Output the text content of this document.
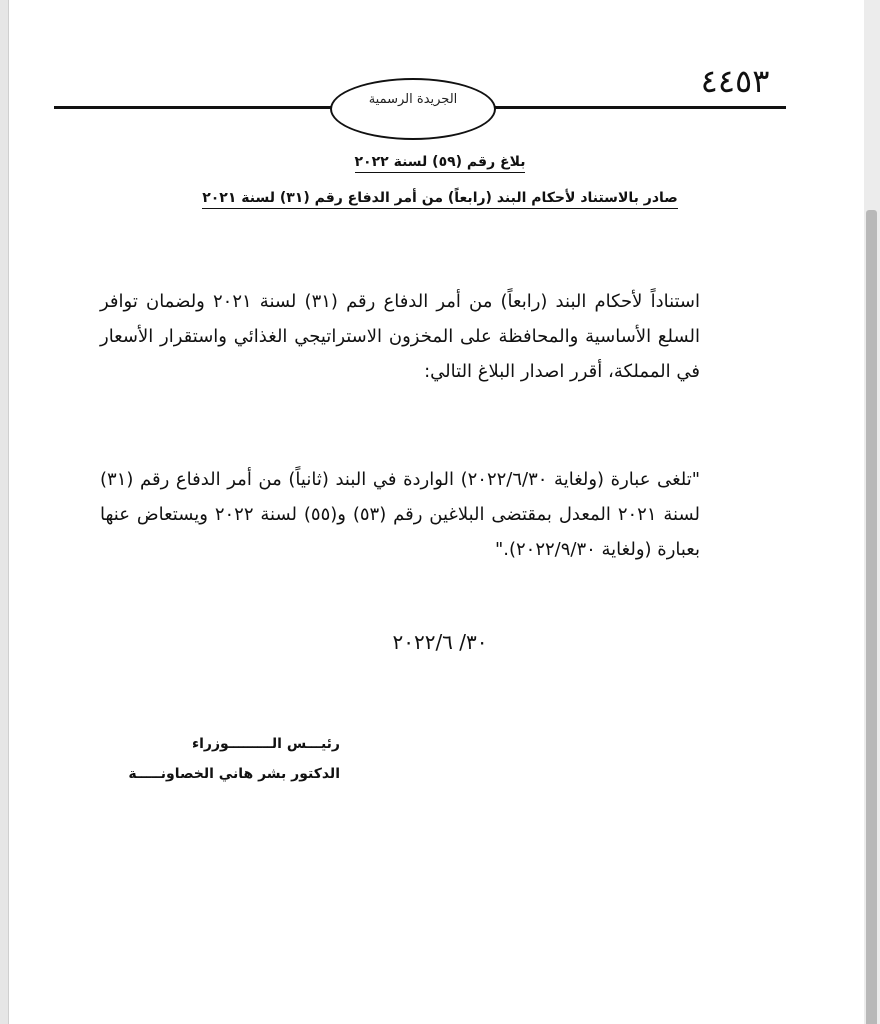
٤٤٥٣
الجريدة الرسمية
بلاغ رقم (٥٩) لسنة ٢٠٢٢
صادر بالاستناد لأحكام البند (رابعاً) من أمر الدفاع رقم (٣١) لسنة ٢٠٢١
استناداً لأحكام البند (رابعاً) من أمر الدفاع رقم (٣١) لسنة ٢٠٢١ ولضمان توافر السلع الأساسية والمحافظة على المخزون الاستراتيجي الغذائي واستقرار الأسعار في المملكة، أقرر اصدار البلاغ التالي:
"تلغى عبارة (ولغاية ٢٠٢٢/٦/٣٠) الواردة في البند (ثانياً) من أمر الدفاع رقم (٣١) لسنة ٢٠٢١ المعدل بمقتضى البلاغين رقم (٥٣) و(٥٥) لسنة ٢٠٢٢ ويستعاض عنها بعبارة (ولغاية ٢٠٢٢/٩/٣٠)."
٣٠/ ٢٠٢٢/٦
رئيـــس الـــــــــوزراء
الدكتور بشر هاني الخصاونـــــة
